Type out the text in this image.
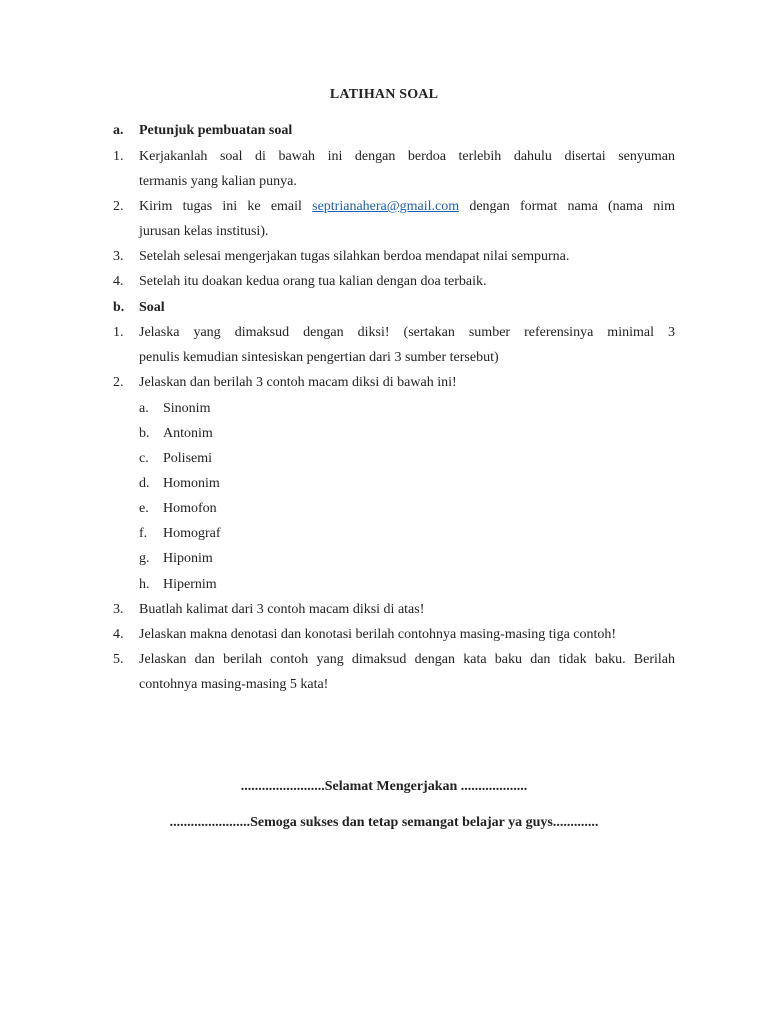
LATIHAN SOAL
a.	Petunjuk pembuatan soal
1.	Kerjakanlah soal di bawah ini dengan berdoa terlebih dahulu disertai senyuman
termanis yang kalian punya.
2.	Kirim tugas ini ke email septrianahera@gmail.com dengan format nama (nama nim
jurusan kelas institusi).
3.	Setelah selesai mengerjakan tugas silahkan berdoa mendapat nilai sempurna.
4.	Setelah itu doakan kedua orang tua kalian dengan doa terbaik.
b.	Soal
1.	Jelaska yang dimaksud dengan diksi! (sertakan sumber referensinya minimal 3
penulis kemudian sintesiskan pengertian dari 3 sumber tersebut)
2.	Jelaskan dan berilah 3 contoh macam diksi di bawah ini!
a.	Sinonim
b. Antonim
c.	Polisemi
d. Homonim
e.	Homofon
f.	Homograf
g. Hiponim
h. Hipernim
3.	Buatlah kalimat dari 3 contoh macam diksi di atas!
4.	Jelaskan makna denotasi dan konotasi berilah contohnya masing-masing tiga contoh!
5.	Jelaskan dan berilah contoh yang dimaksud dengan kata baku dan tidak baku. Berilah
contohnya masing-masing 5 kata!
........................Selamat Mengerjakan ...................
.......................Semoga sukses dan tetap semangat belajar ya guys.............
